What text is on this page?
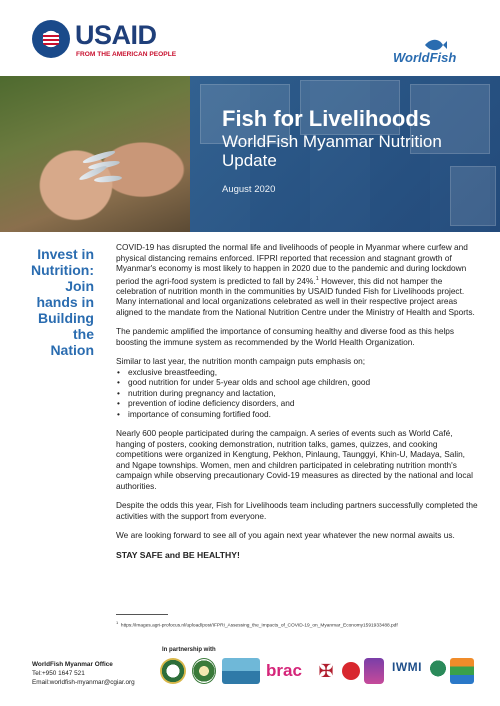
USAID
FROM THE AMERICAN PEOPLE	WorldFish
Fish for Livelihoods
WorldFish Myanmar Nutrition Update
August 2020
Invest in Nutrition: Join hands in Building the Nation

COVID-19 has disrupted the normal life and livelihoods of people in Myanmar where curfew and physical distancing remains enforced. IFPRI reported that recession and stagnant growth of Myanmar's economy is most likely to happen in 2020 due to the pandemic and during lockdown period the agri-food system is predicted to fall by 24%.$^1$ However, this did not hamper the celebration of nutrition month in the communities by USAID funded Fish for Livelihoods project. Many international and local organizations celebrated as well in their respective project areas aligned to the mandate from the National Nutrition Centre under the Ministry of Health and Sports.

The pandemic amplified the importance of consuming healthy and diverse food as this helps boosting the immune system as recommended by the World Health Organization.

Similar to last year, the nutrition month campaign puts emphasis on;
• exclusive breastfeeding,
• good nutrition for under 5-year olds and school age children, good
• nutrition during pregnancy and lactation,
• prevention of iodine deficiency disorders, and
• importance of consuming fortified food.

Nearly 600 people participated during the campaign. A series of events such as World Café, hanging of posters, cooking demonstration, nutrition talks, games, quizzes, and cooking competitions were organized in Kengtung, Pekhon, Pinlaung, Taunggyi, Khin-U, Madaya, Salin, and Ngape townships. Women, men and children participated in celebrating nutrition month's campaign while observing precautionary Covid-19 measures as directed by the national and local authorities.

Despite the odds this year, Fish for Livelihoods team including partners successfully completed the activities with the support from everyone.

We are looking forward to see all of you again next year whatever the new normal awaits us.

STAY SAFE and BE HEALTHY!

$^1$  https://images.agri-profocus.nl/upload/post/IFPRI_Assessing_the_Impacts_of_COVID-19_on_Myanmar_Economy1591933488.pdf
In partnership with
WorldFish Myanmar Office
Tel:+950 1647 521
Email:worldfish-myanmar@cgiar.org
brac ✠	IWMI
